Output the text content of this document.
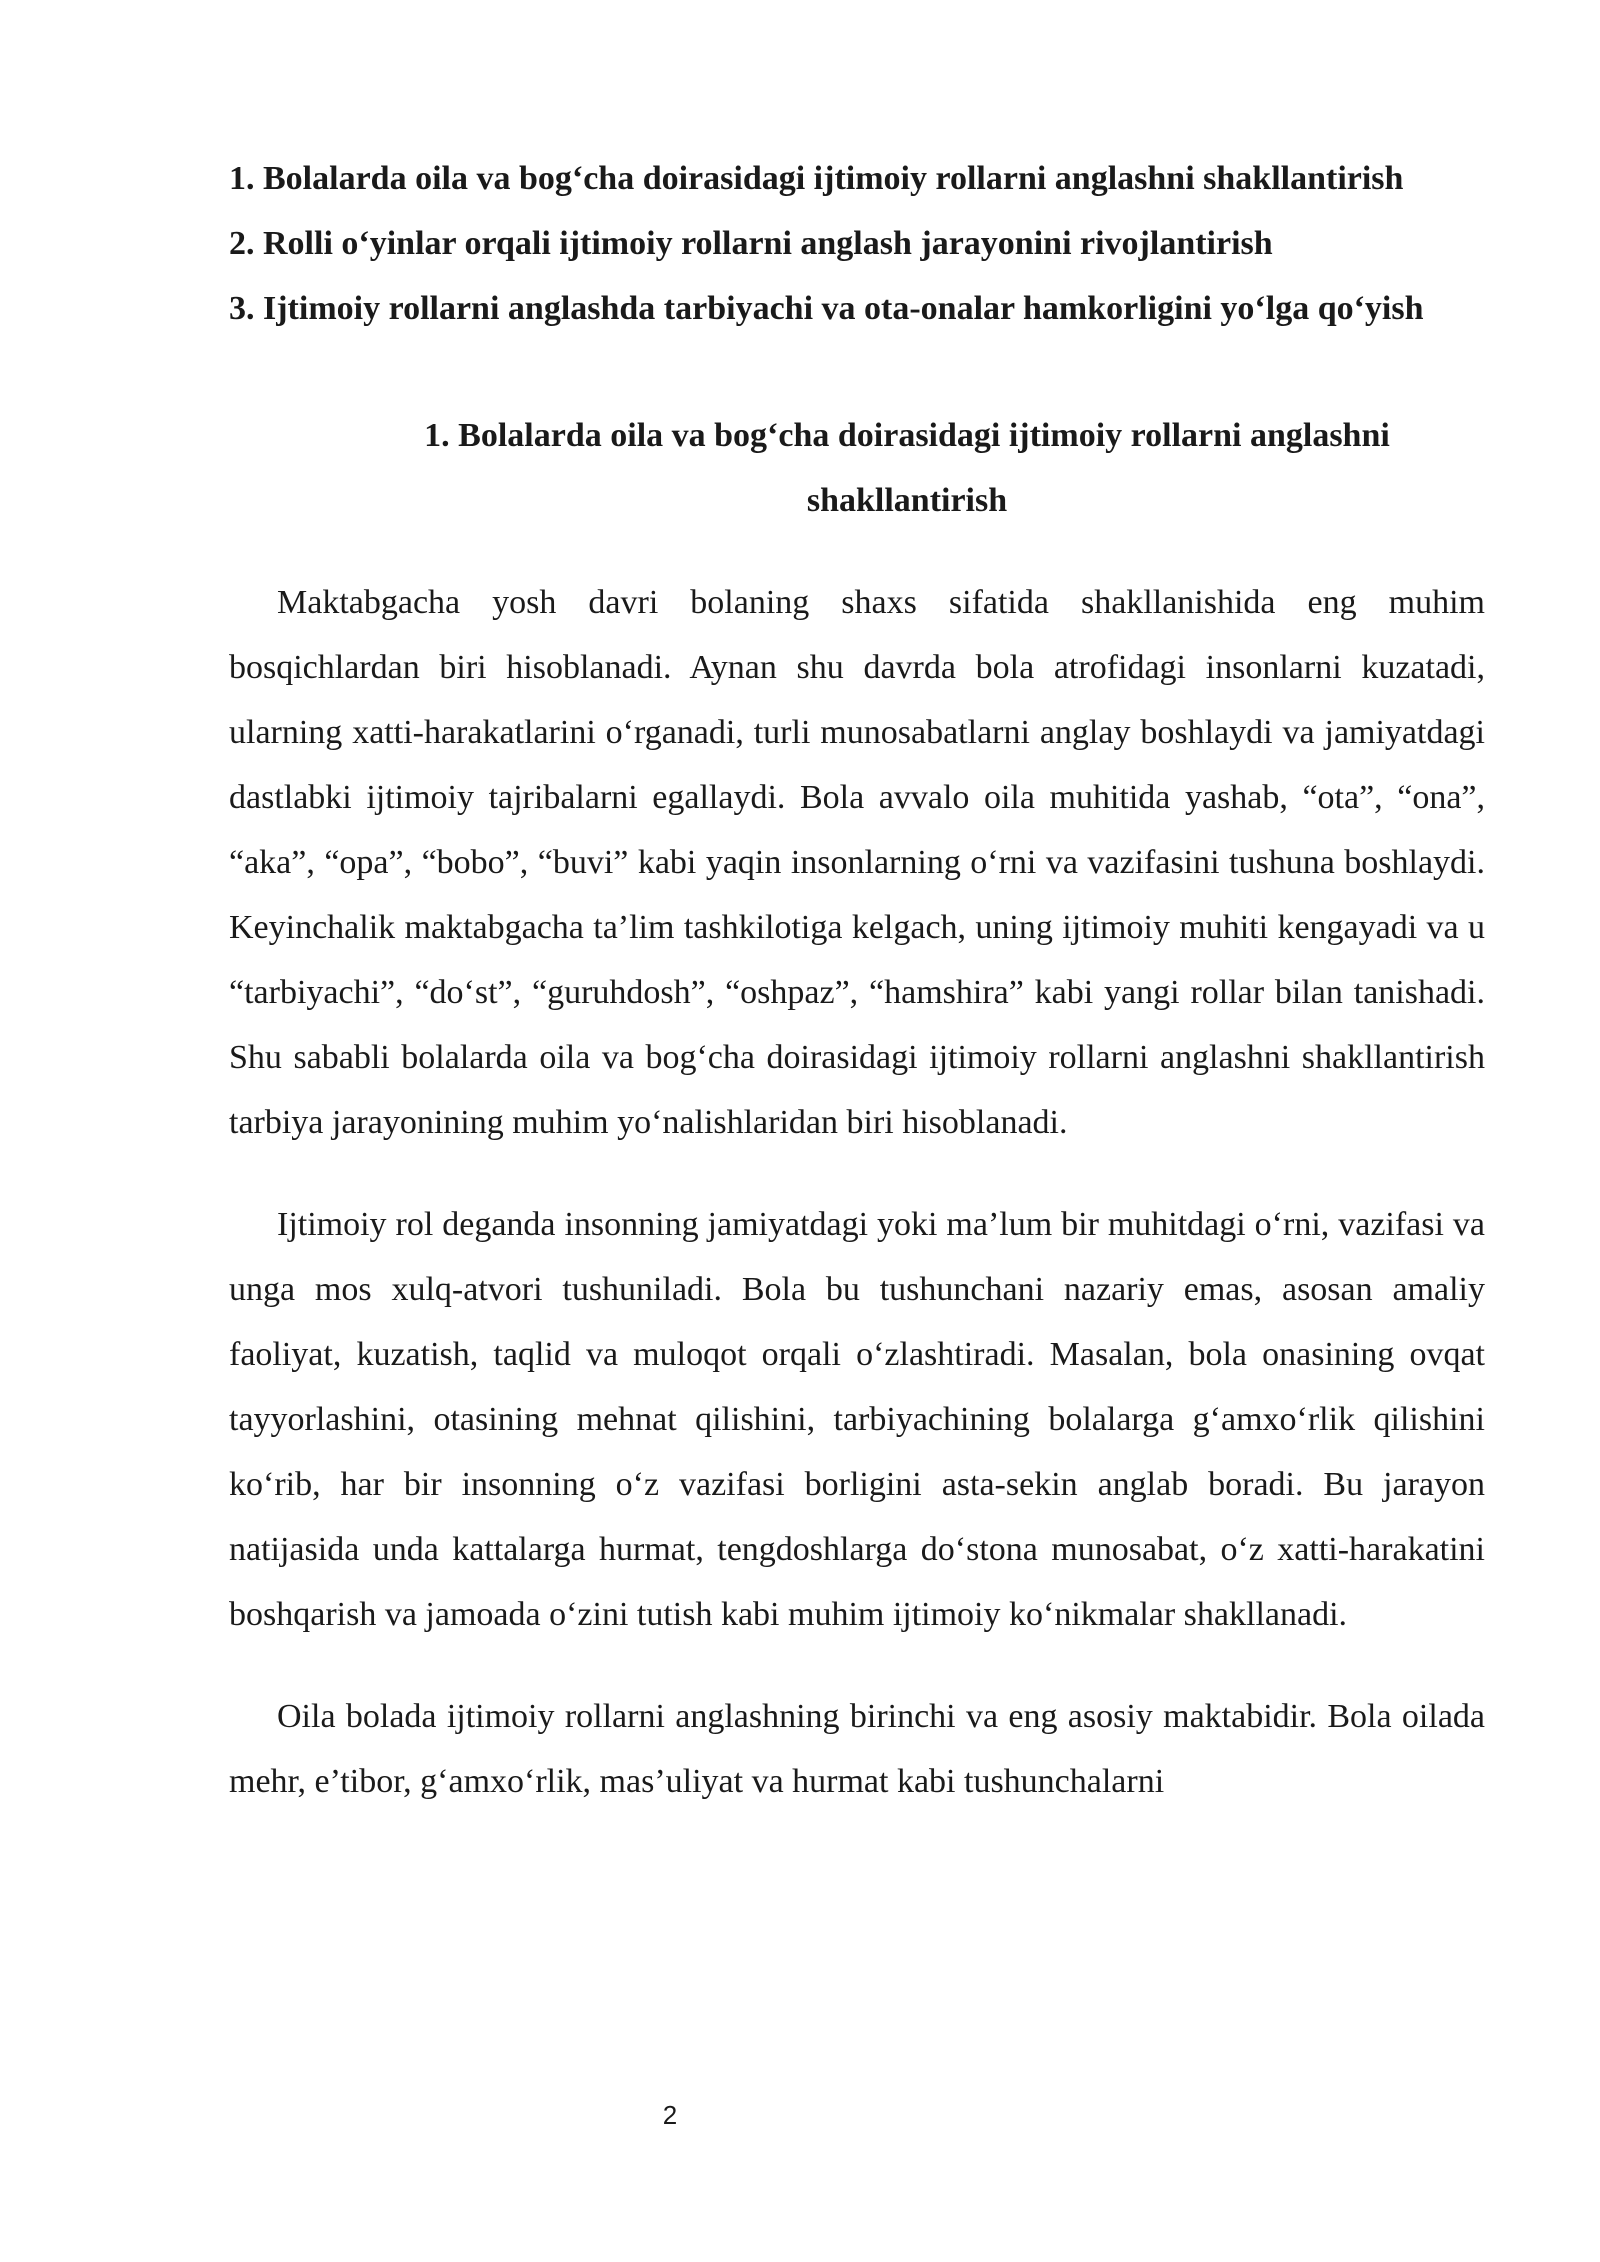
1. Bolalarda oila va bog‘cha doirasidagi ijtimoiy rollarni anglashni shakllantirish

2. Rolli o‘yinlar orqali ijtimoiy rollarni anglash jarayonini rivojlantirish

3. Ijtimoiy rollarni anglashda tarbiyachi va ota-onalar hamkorligini yo‘lga qo‘yish

1. Bolalarda oila va bog‘cha doirasidagi ijtimoiy rollarni anglashni shakllantirish

Maktabgacha yosh davri bolaning shaxs sifatida shakllanishida eng muhim bosqichlardan biri hisoblanadi. Aynan shu davrda bola atrofidagi insonlarni kuzatadi, ularning xatti-harakatlarini o‘rganadi, turli munosabatlarni anglay boshlaydi va jamiyatdagi dastlabki ijtimoiy tajribalarni egallaydi. Bola avvalo oila muhitida yashab, “ota”, “ona”, “aka”, “opa”, “bobo”, “buvi” kabi yaqin insonlarning o‘rni va vazifasini tushuna boshlaydi. Keyinchalik maktabgacha ta’lim tashkilotiga kelgach, uning ijtimoiy muhiti kengayadi va u “tarbiyachi”, “do‘st”, “guruhdosh”, “oshpaz”, “hamshira” kabi yangi rollar bilan tanishadi. Shu sababli bolalarda oila va bog‘cha doirasidagi ijtimoiy rollarni anglashni shakllantirish tarbiya jarayonining muhim yo‘nalishlaridan biri hisoblanadi.

Ijtimoiy rol deganda insonning jamiyatdagi yoki ma’lum bir muhitdagi o‘rni, vazifasi va unga mos xulq-atvori tushuniladi. Bola bu tushunchani nazariy emas, asosan amaliy faoliyat, kuzatish, taqlid va muloqot orqali o‘zlashtiradi. Masalan, bola onasining ovqat tayyorlashini, otasining mehnat qilishini, tarbiyachining bolalarga g‘amxo‘rlik qilishini ko‘rib, har bir insonning o‘z vazifasi borligini asta-sekin anglab boradi. Bu jarayon natijasida unda kattalarga hurmat, tengdoshlarga do‘stona munosabat, o‘z xatti-harakatini boshqarish va jamoada o‘zini tutish kabi muhim ijtimoiy ko‘nikmalar shakllanadi.

Oila bolada ijtimoiy rollarni anglashning birinchi va eng asosiy maktabidir. Bola oilada mehr, e’tibor, g‘amxo‘rlik, mas’uliyat va hurmat kabi tushunchalarni

2
